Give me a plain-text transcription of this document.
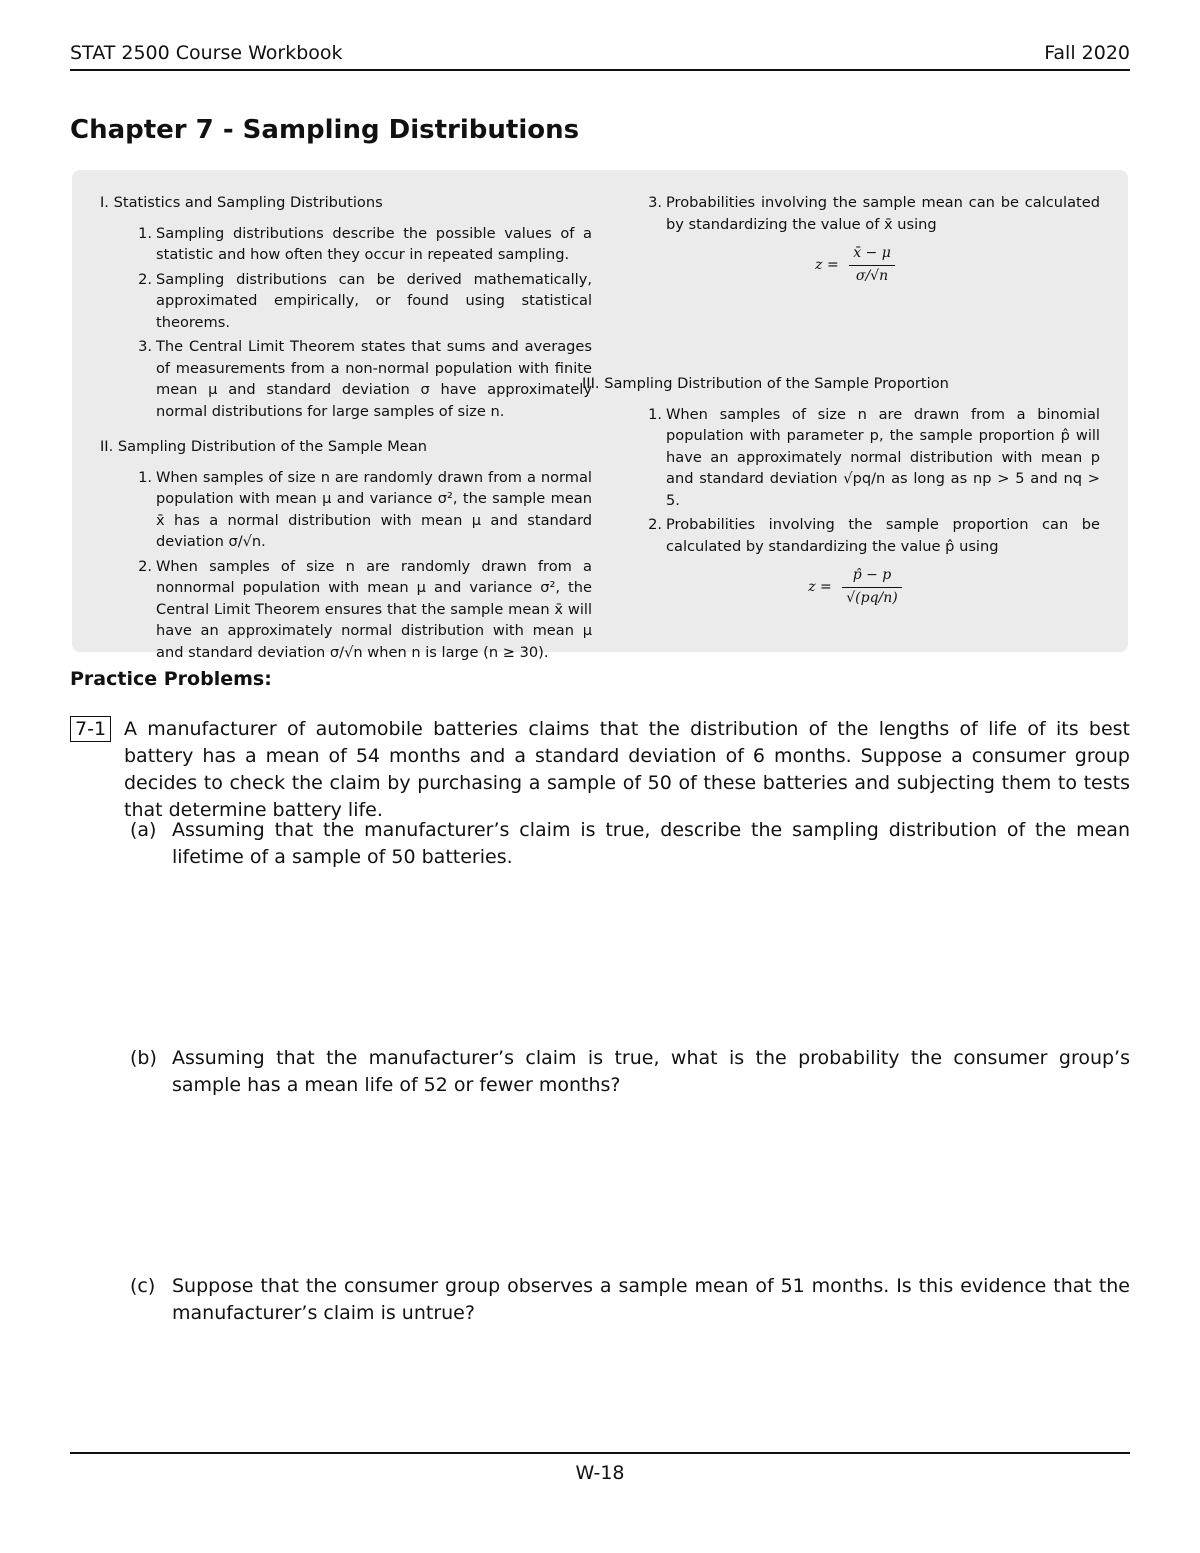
STAT 2500 Course Workbook	Fall 2020
Chapter 7 - Sampling Distributions
I. Statistics and Sampling Distributions
1. Sampling distributions describe the possible values of a statistic and how often they occur in repeated sampling.
2. Sampling distributions can be derived mathematically, approximated empirically, or found using statistical theorems.
3. The Central Limit Theorem states that sums and averages of measurements from a non-normal population with finite mean μ and standard deviation σ have approximately normal distributions for large samples of size n.
II. Sampling Distribution of the Sample Mean
1. When samples of size n are randomly drawn from a normal population with mean μ and variance σ², the sample mean x̄ has a normal distribution with mean μ and standard deviation σ/√n.
2. When samples of size n are randomly drawn from a nonnormal population with mean μ and variance σ², the Central Limit Theorem ensures that the sample mean x̄ will have an approximately normal distribution with mean μ and standard deviation σ/√n when n is large (n ≥ 30).
3. Probabilities involving the sample mean can be calculated by standardizing the value of x̄ using
$z = \frac{x̄ - \mu}{\sigma/√n}$
III. Sampling Distribution of the Sample Proportion
1. When samples of size n are drawn from a binomial population with parameter p, the sample proportion p̂ will have an approximately normal distribution with mean p and standard deviation √pq/n as long as np > 5 and nq > 5.
2. Probabilities involving the sample proportion can be calculated by standardizing the value p̂ using
$z = \frac{p̂ - p}{√(pq/n)}$
Practice Problems:
7-1 A manufacturer of automobile batteries claims that the distribution of the lengths of life of its best battery has a mean of 54 months and a standard deviation of 6 months. Suppose a consumer group decides to check the claim by purchasing a sample of 50 of these batteries and subjecting them to tests that determine battery life.
(a) Assuming that the manufacturer’s claim is true, describe the sampling distribution of the mean lifetime of a sample of 50 batteries.
(b) Assuming that the manufacturer’s claim is true, what is the probability the consumer group’s sample has a mean life of 52 or fewer months?
(c) Suppose that the consumer group observes a sample mean of 51 months. Is this evidence that the manufacturer’s claim is untrue?
W-18
